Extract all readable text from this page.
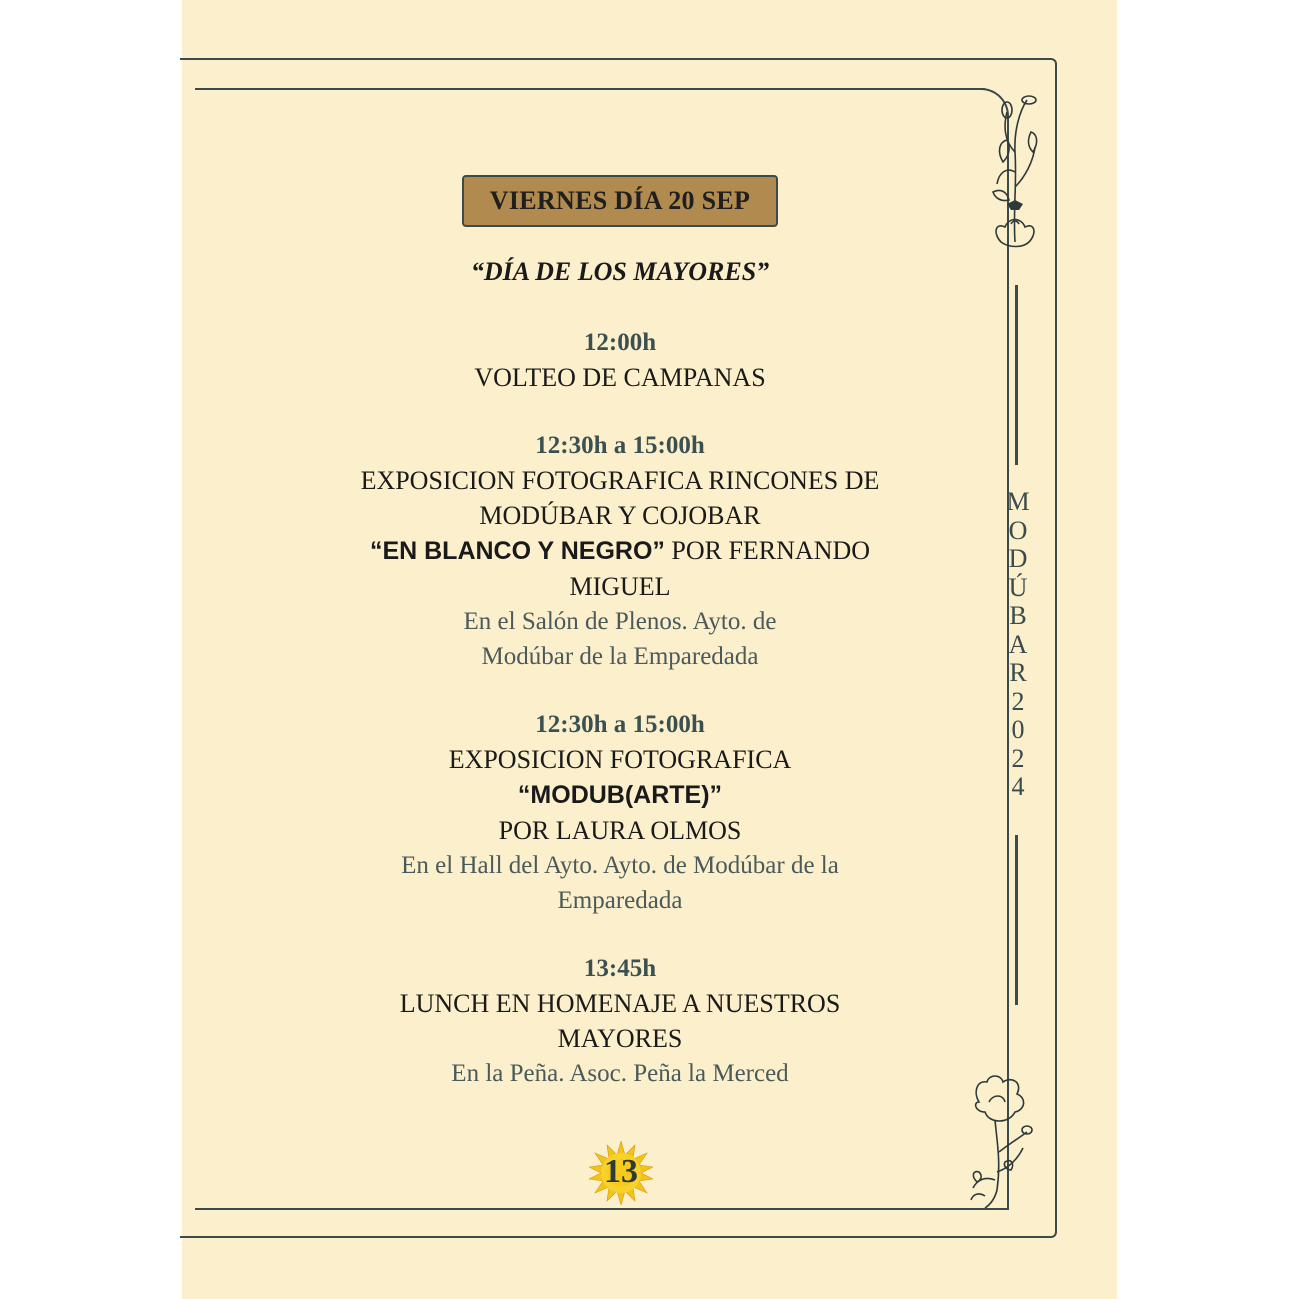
M
O
D
Ú
B
A
R
2
0
2
4
VIERNES DÍA 20 SEP
“DÍA DE LOS MAYORES”
12:00h
VOLTEO DE CAMPANAS
12:30h a 15:00h
EXPOSICION FOTOGRAFICA RINCONES DE
MODÚBAR Y COJOBAR
“EN BLANCO Y NEGRO” POR FERNANDO
MIGUEL
En el Salón de Plenos. Ayto. de
Modúbar de la Emparedada
12:30h a 15:00h
EXPOSICION FOTOGRAFICA
“MODUB(ARTE)”
POR LAURA OLMOS
En el Hall del Ayto. Ayto. de Modúbar de la
Emparedada
13:45h
LUNCH EN HOMENAJE A NUESTROS
MAYORES
En la Peña. Asoc. Peña la Merced
13
